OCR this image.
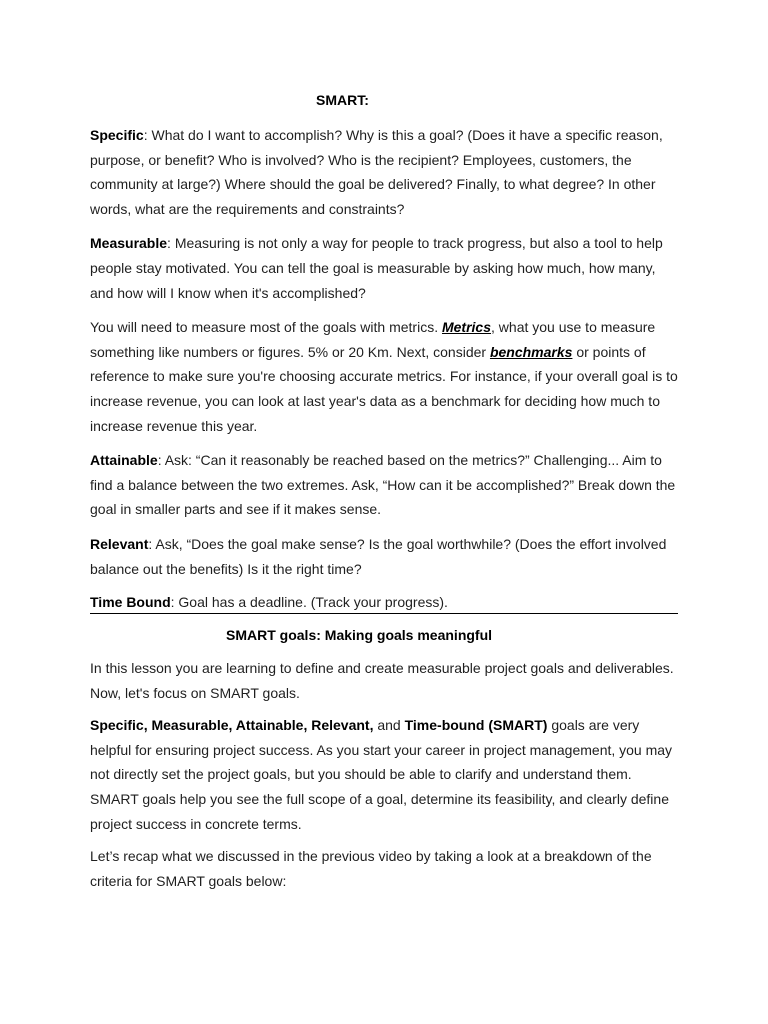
SMART:

Specific: What do I want to accomplish? Why is this a goal? (Does it have a specific reason, purpose, or benefit? Who is involved? Who is the recipient? Employees, customers, the community at large?) Where should the goal be delivered? Finally, to what degree? In other words, what are the requirements and constraints?

Measurable: Measuring is not only a way for people to track progress, but also a tool to help people stay motivated. You can tell the goal is measurable by asking how much, how many, and how will I know when it's accomplished?

You will need to measure most of the goals with metrics. Metrics, what you use to measure something like numbers or figures. 5% or 20 Km. Next, consider benchmarks or points of reference to make sure you're choosing accurate metrics. For instance, if your overall goal is to increase revenue, you can look at last year's data as a benchmark for deciding how much to increase revenue this year.

Attainable: Ask: “Can it reasonably be reached based on the metrics?” Challenging... Aim to find a balance between the two extremes. Ask, “How can it be accomplished?” Break down the goal in smaller parts and see if it makes sense.

Relevant: Ask, “Does the goal make sense? Is the goal worthwhile? (Does the effort involved balance out the benefits) Is it the right time?

Time Bound: Goal has a deadline. (Track your progress).

SMART goals: Making goals meaningful

In this lesson you are learning to define and create measurable project goals and deliverables. Now, let's focus on SMART goals.

Specific, Measurable, Attainable, Relevant, and Time-bound (SMART) goals are very helpful for ensuring project success. As you start your career in project management, you may not directly set the project goals, but you should be able to clarify and understand them. SMART goals help you see the full scope of a goal, determine its feasibility, and clearly define project success in concrete terms.

Let’s recap what we discussed in the previous video by taking a look at a breakdown of the criteria for SMART goals below:
